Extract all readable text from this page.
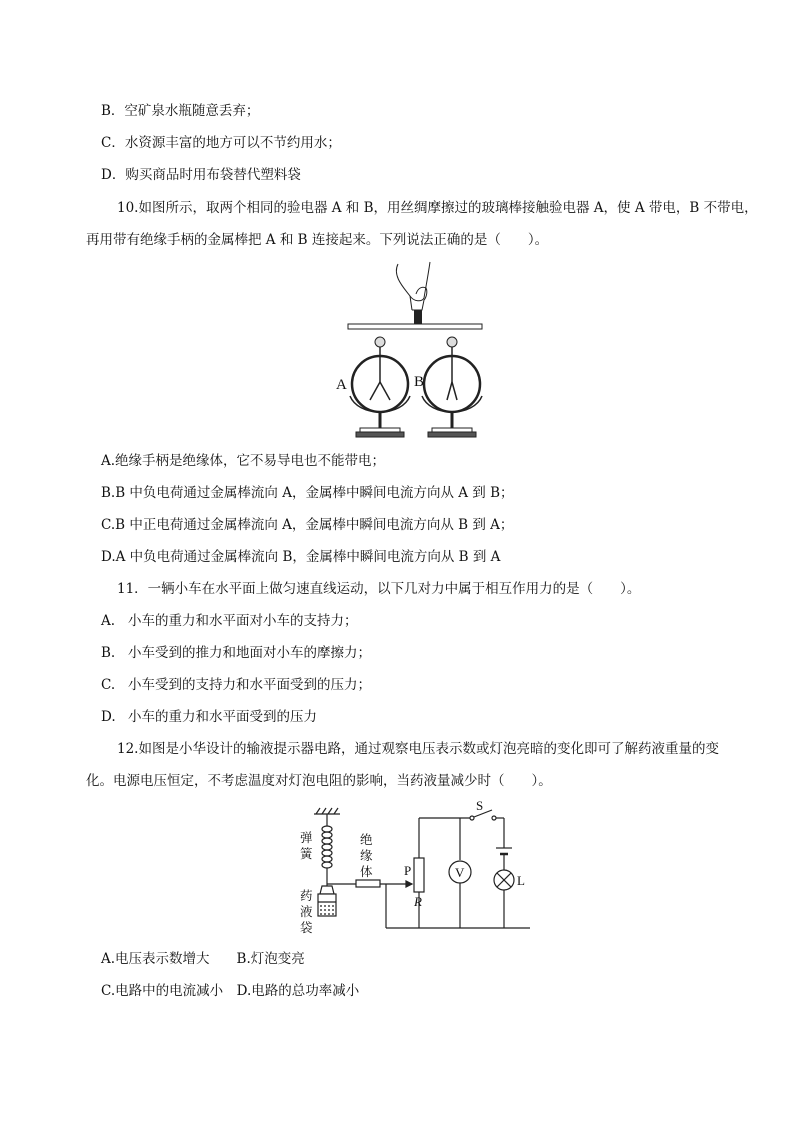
B．空矿泉水瓶随意丢弃；
C．水资源丰富的地方可以不节约用水；
D．购买商品时用布袋替代塑料袋
10.如图所示，取两个相同的验电器 A 和 B，用丝绸摩擦过的玻璃棒接触验电器 A，使 A 带电，B 不带电，
再用带有绝缘手柄的金属棒把 A 和 B 连接起来。下列说法正确的是（　　）。
A	B
A.绝缘手柄是绝缘体，它不易导电也不能带电；
B.B 中负电荷通过金属棒流向 A，金属棒中瞬间电流方向从 A 到 B；
C.B 中正电荷通过金属棒流向 A，金属棒中瞬间电流方向从 B 到 A；
D.A 中负电荷通过金属棒流向 B，金属棒中瞬间电流方向从 B 到 A
11．一辆小车在水平面上做匀速直线运动，以下几对力中属于相互作用力的是（　　）。
A. 小车的重力和水平面对小车的支持力；
B. 小车受到的推力和地面对小车的摩擦力；
C. 小车受到的支持力和水平面受到的压力；
D. 小车的重力和水平面受到的压力
12.如图是小华设计的输液提示器电路，通过观察电压表示数或灯泡亮暗的变化即可了解药液重量的变
化。电源电压恒定，不考虑温度对灯泡电阻的影响，当药液量减少时（　　）。
弹
簧
药
液
袋
绝
缘
体
S
P
R
V
L
A.电压表示数增大　　B.灯泡变亮
C.电路中的电流减小　D.电路的总功率减小
